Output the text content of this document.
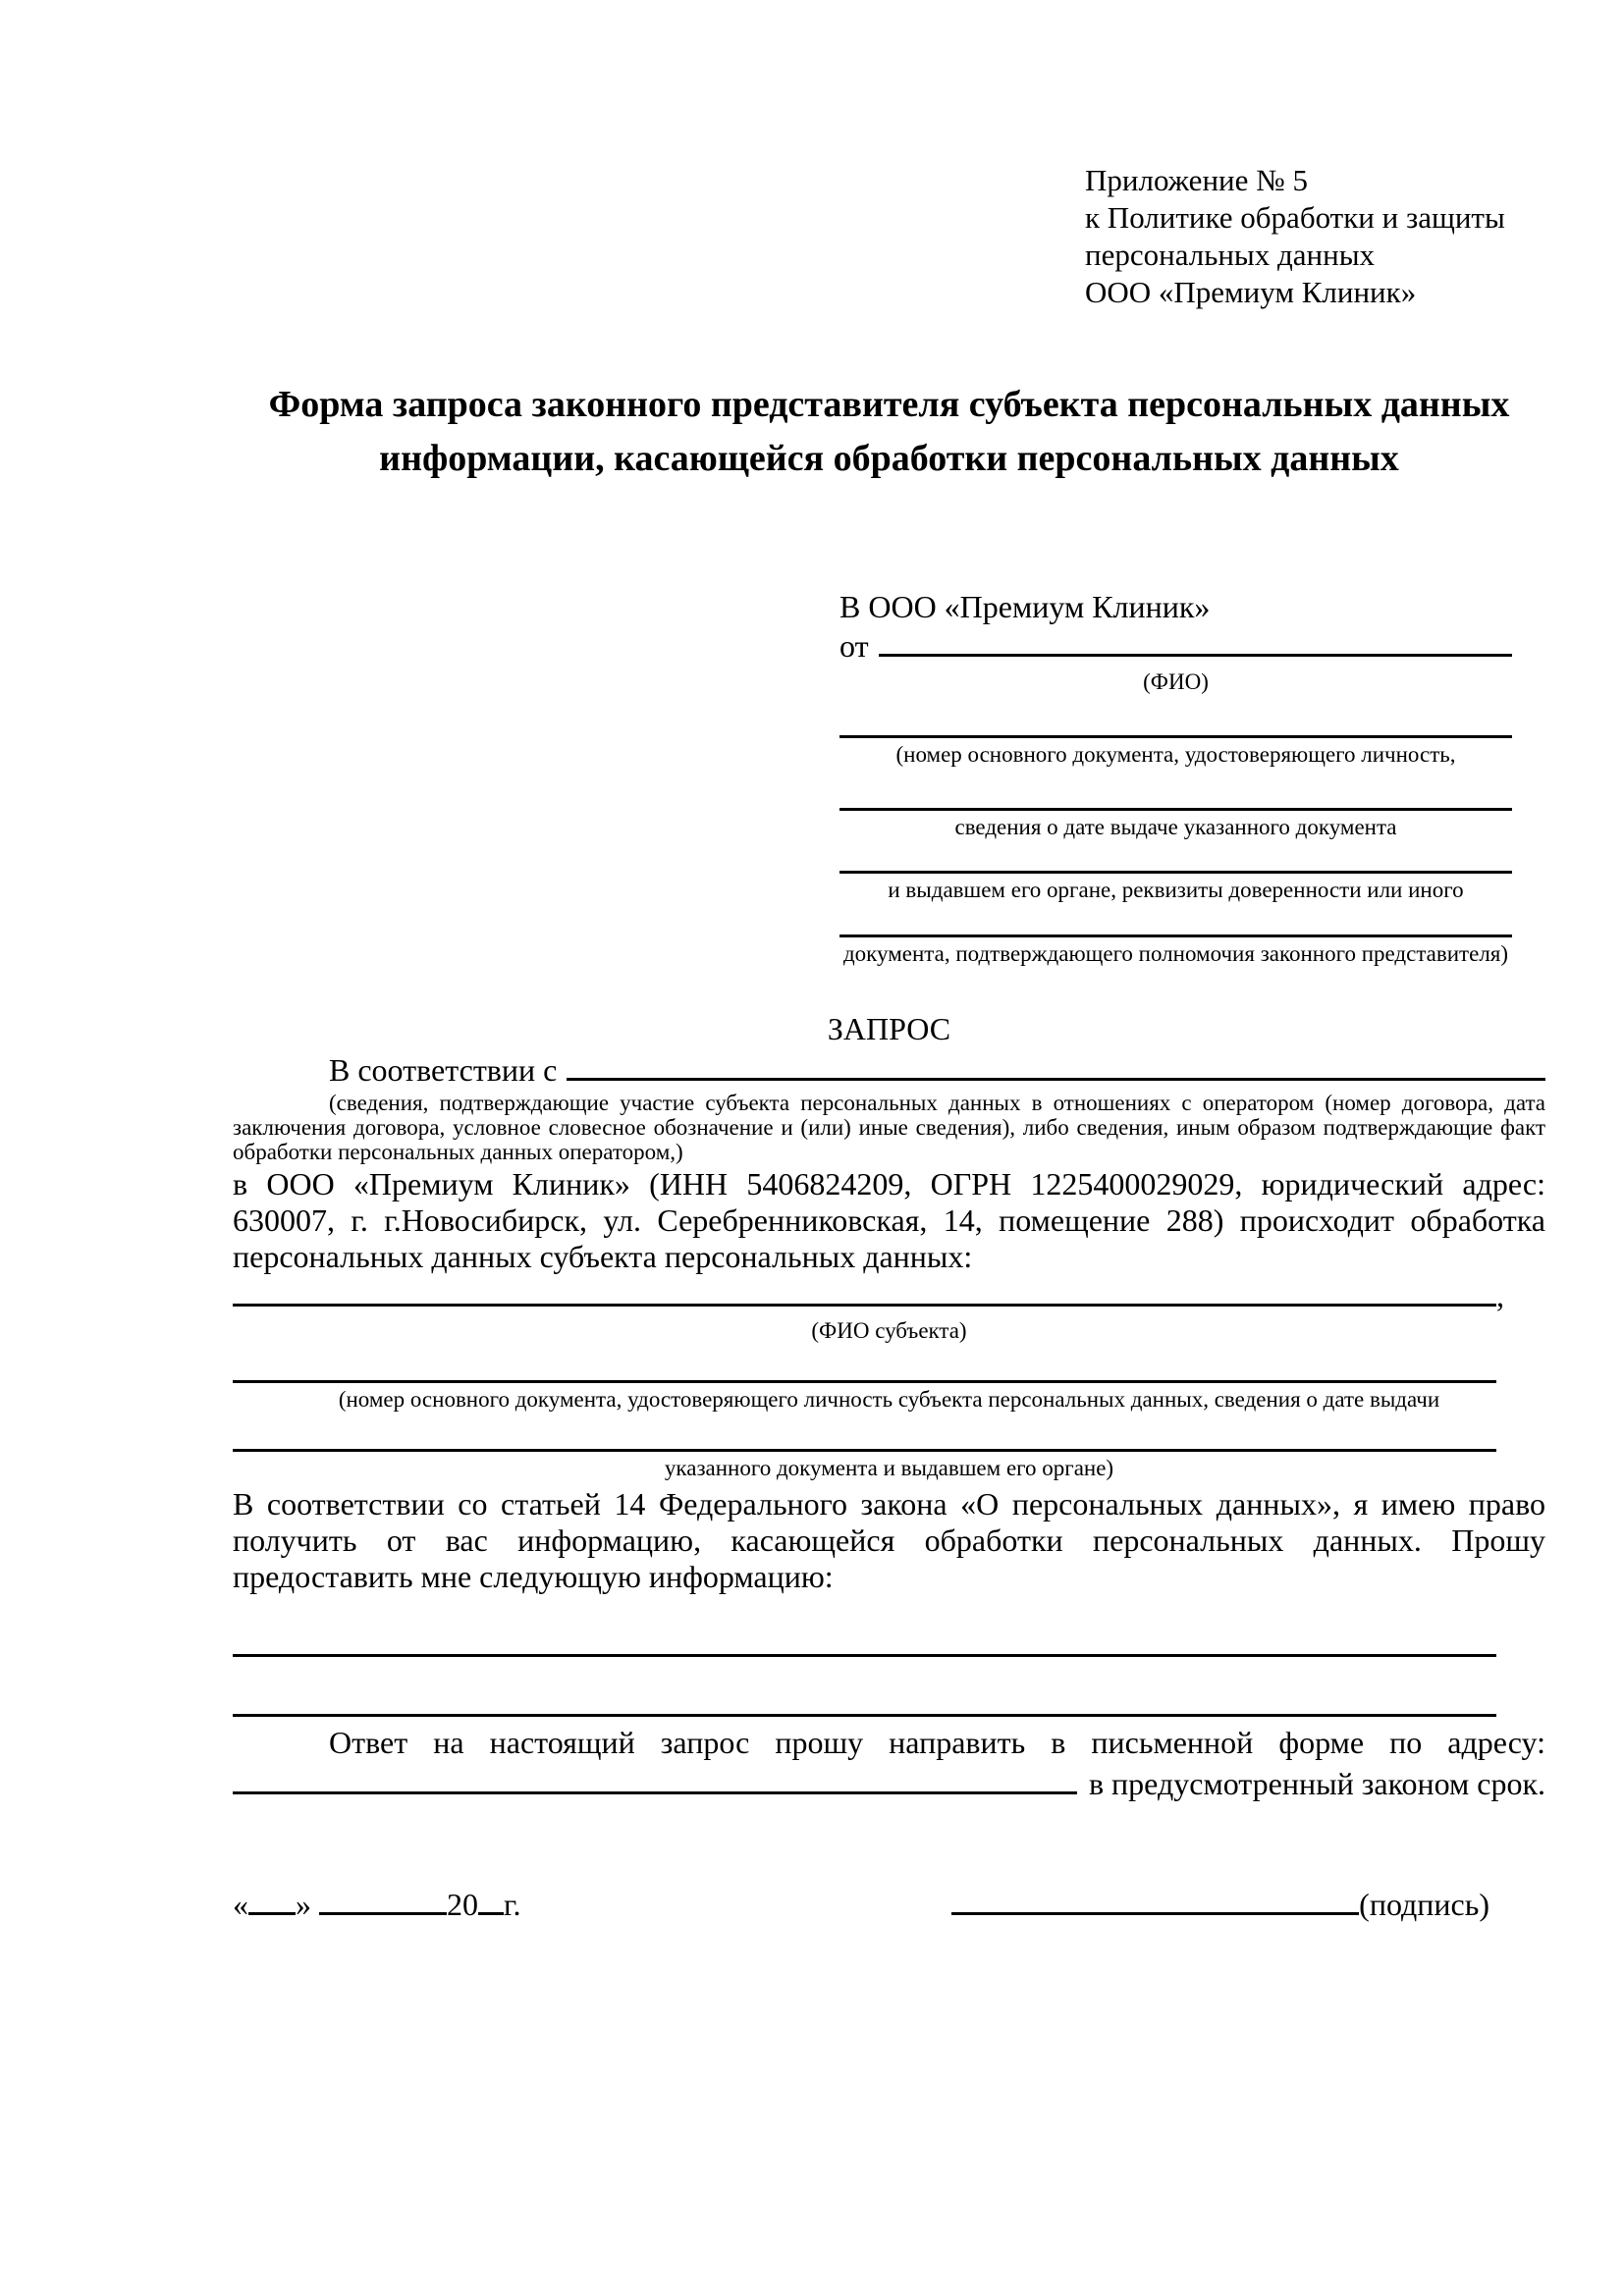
Приложение № 5
к Политике обработки и защиты
персональных данных
ООО «Премиум Клиник»
Форма запроса законного представителя субъекта персональных данных
информации, касающейся обработки персональных данных
В ООО «Премиум Клиник»
от
(ФИО)
(номер основного документа, удостоверяющего личность,
сведения о дате выдаче указанного документа
и выдавшем его органе, реквизиты доверенности или иного
документа, подтверждающего полномочия законного представителя)
ЗАПРОС
В соответствии с
(сведения, подтверждающие участие субъекта персональных данных в отношениях с оператором (номер договора, дата заключения договора, условное словесное обозначение и (или) иные сведения), либо сведения, иным образом подтверждающие факт обработки персональных данных оператором,)

в ООО «Премиум Клиник» (ИНН 5406824209, ОГРН 1225400029029, юридический адрес: 630007, г. г.Новосибирск, ул. Серебренниковская, 14, помещение 288) происходит обработка персональных данных субъекта персональных данных:

,
(ФИО субъекта)
(номер основного документа, удостоверяющего личность субъекта персональных данных, сведения о дате выдачи
указанного документа и выдавшем его органе)

В соответствии со статьей 14 Федерального закона «О персональных данных», я имею право получить от вас информацию, касающейся обработки персональных данных. Прошу предоставить мне следующую информацию:

Ответ на настоящий запрос прошу направить в письменной форме по адресу:

в предусмотренный законом срок.
« »	20 г.	(подпись)
